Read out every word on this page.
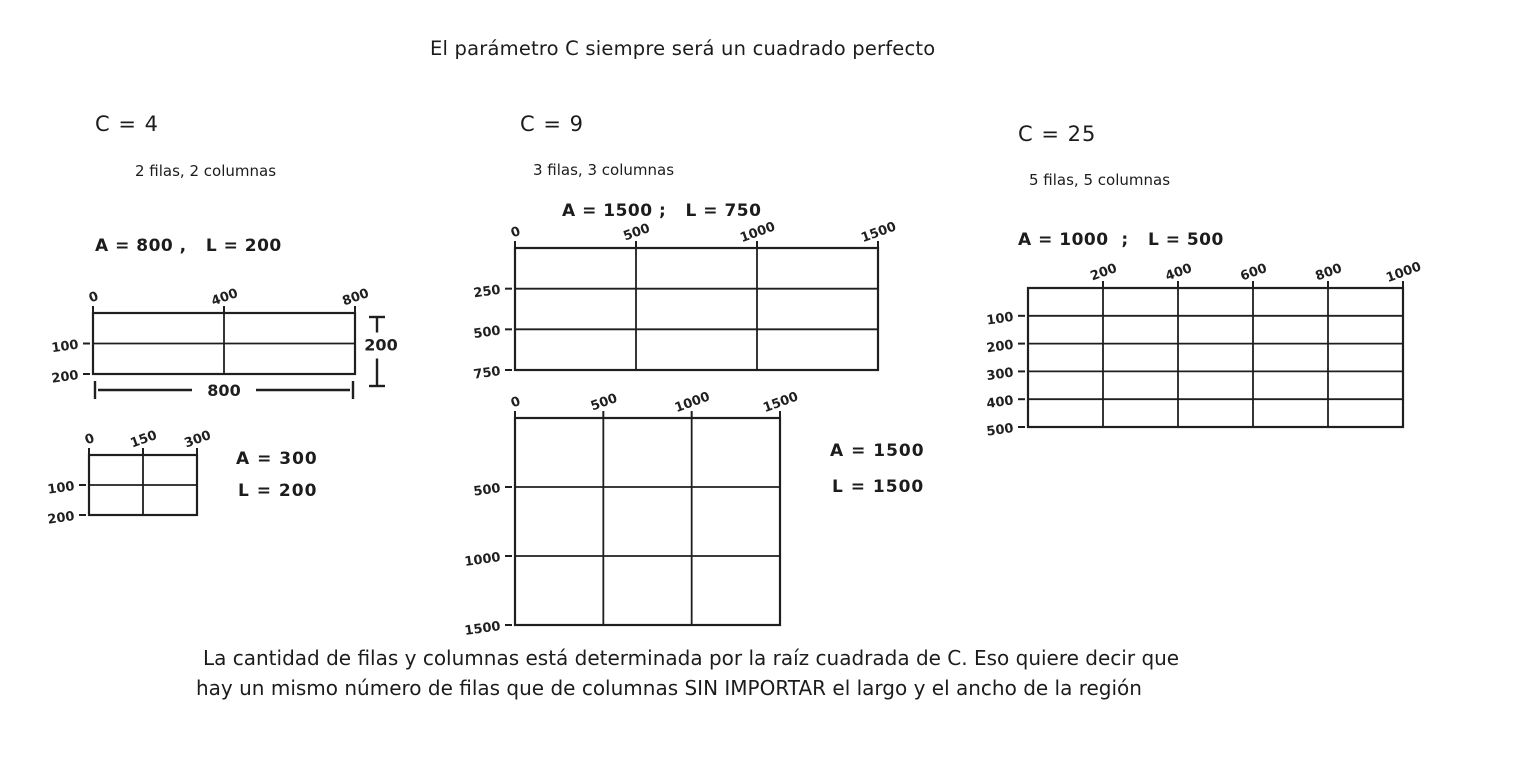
El parámetro C siempre será un cuadrado perfecto
C = 4
2 filas, 2 columnas
A = 800 ,   L = 200
0	400	800
100
200
800
200
0 150 300
100
200
A = 300
L = 200
C = 9
3 filas, 3 columnas
A = 1500 ;   L = 750
0	500	1000	1500
250
500
750
0	500	1000	1500
500
1000
1500
A = 1500
L = 1500
C = 25
5 filas, 5 columnas
A = 1000  ;   L = 500
200	400	600	800	1000
100
200
300
400
500
La cantidad de filas y columnas está determinada por la raíz cuadrada de C. Eso quiere decir que
hay un mismo número de filas que de columnas SIN IMPORTAR el largo y el ancho de la región
